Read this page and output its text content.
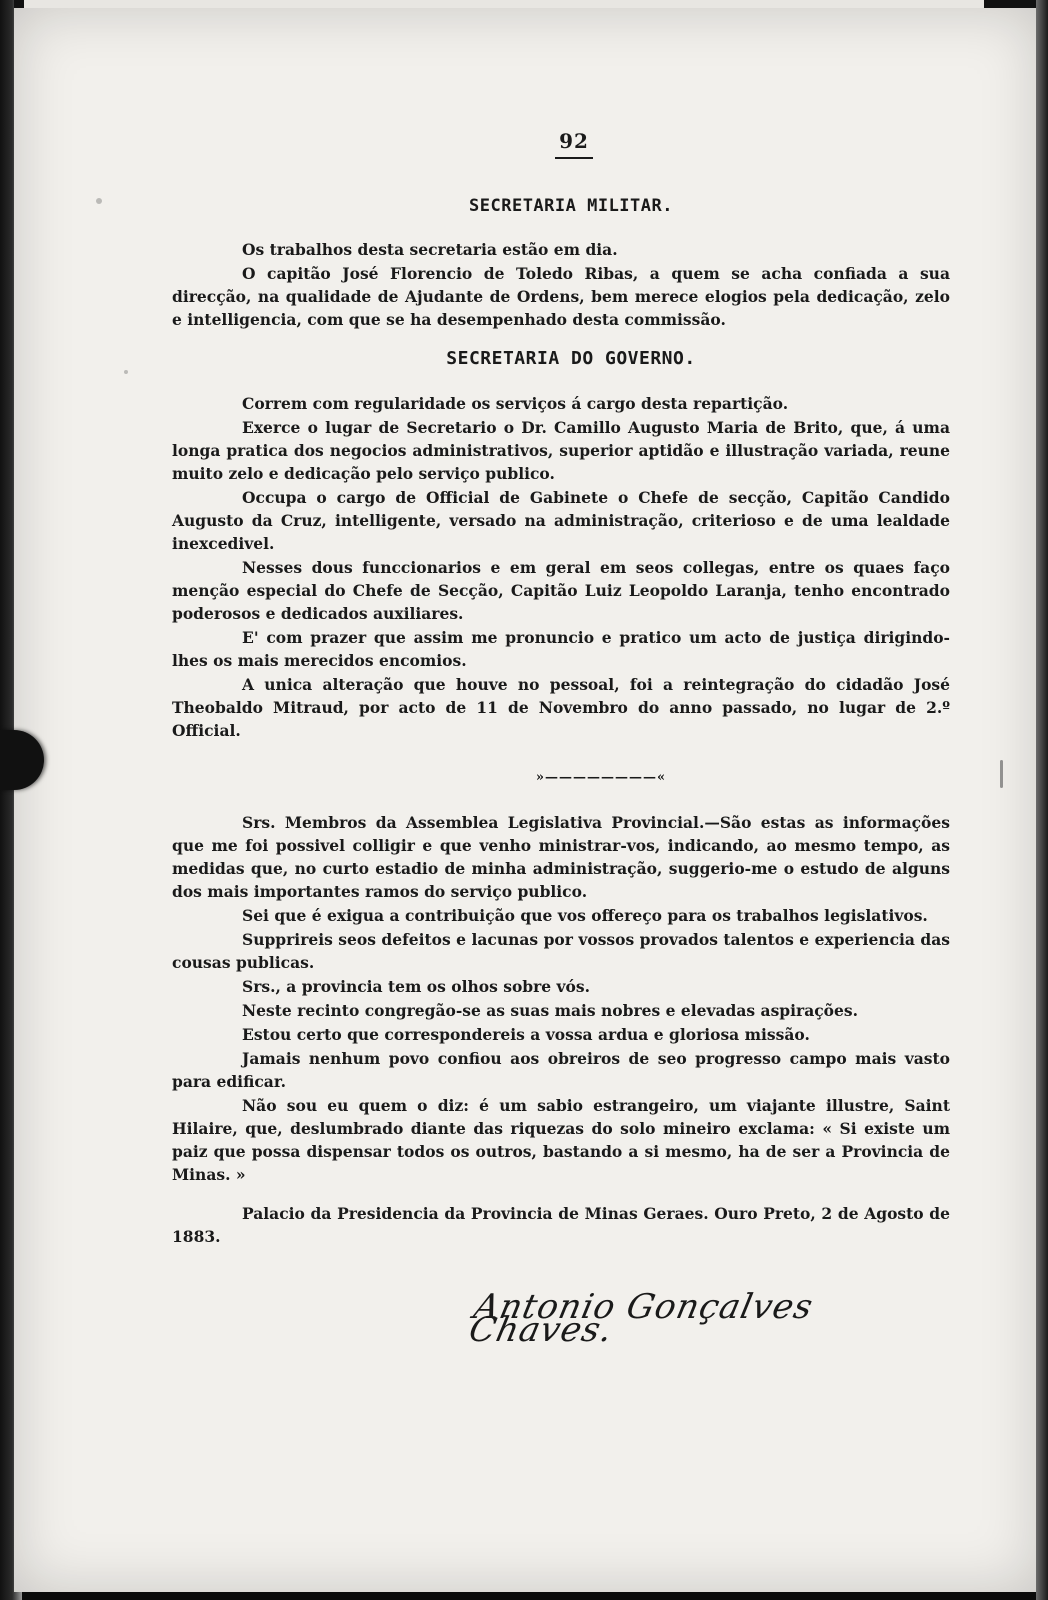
92
SECRETARIA MILITAR.

Os trabalhos desta secretaria estão em dia.

O capitão José Florencio de Toledo Ribas, a quem se acha confiada a sua direcção, na qualidade de Ajudante de Ordens, bem merece elogios pela dedicação, zelo e intelligencia, com que se ha desempenhado desta commissão.

SECRETARIA DO GOVERNO.

Correm com regularidade os serviços á cargo desta repartição.

Exerce o lugar de Secretario o Dr. Camillo Augusto Maria de Brito, que, á uma longa pratica dos negocios administrativos, superior aptidão e illustração variada, reune muito zelo e dedicação pelo serviço publico.

Occupa o cargo de Official de Gabinete o Chefe de secção, Capitão Candido Augusto da Cruz, intelligente, versado na administração, criterioso e de uma lealdade inexcedivel.

Nesses dous funccionarios e em geral em seos collegas, entre os quaes faço menção especial do Chefe de Secção, Capitão Luiz Leopoldo Laranja, tenho encontrado poderosos e dedicados auxiliares.

E' com prazer que assim me pronuncio e pratico um acto de justiça dirigindo-lhes os mais merecidos encomios.

A unica alteração que houve no pessoal, foi a reintegração do cidadão José Theobaldo Mitraud, por acto de 11 de Novembro do anno passado, no lugar de 2.º Official.

»————————«

Srs. Membros da Assemblea Legislativa Provincial.—São estas as informações que me foi possivel colligir e que venho ministrar-vos, indicando, ao mesmo tempo, as medidas que, no curto estadio de minha administração, suggerio-me o estudo de alguns dos mais importantes ramos do serviço publico.

Sei que é exigua a contribuição que vos offereço para os trabalhos legislativos.

Supprireis seos defeitos e lacunas por vossos provados talentos e experiencia das cousas publicas.

Srs., a provincia tem os olhos sobre vós.

Neste recinto congregão-se as suas mais nobres e elevadas aspirações.

Estou certo que correspondereis a vossa ardua e gloriosa missão.

Jamais nenhum povo confiou aos obreiros de seo progresso campo mais vasto para edificar.

Não sou eu quem o diz: é um sabio estrangeiro, um viajante illustre, Saint Hilaire, que, deslumbrado diante das riquezas do solo mineiro exclama: « Si existe um paiz que possa dispensar todos os outros, bastando a si mesmo, ha de ser a Provincia de Minas. »

Palacio da Presidencia da Provincia de Minas Geraes. Ouro Preto, 2 de Agosto de 1883.

Antonio Gonçalves Chaves.
